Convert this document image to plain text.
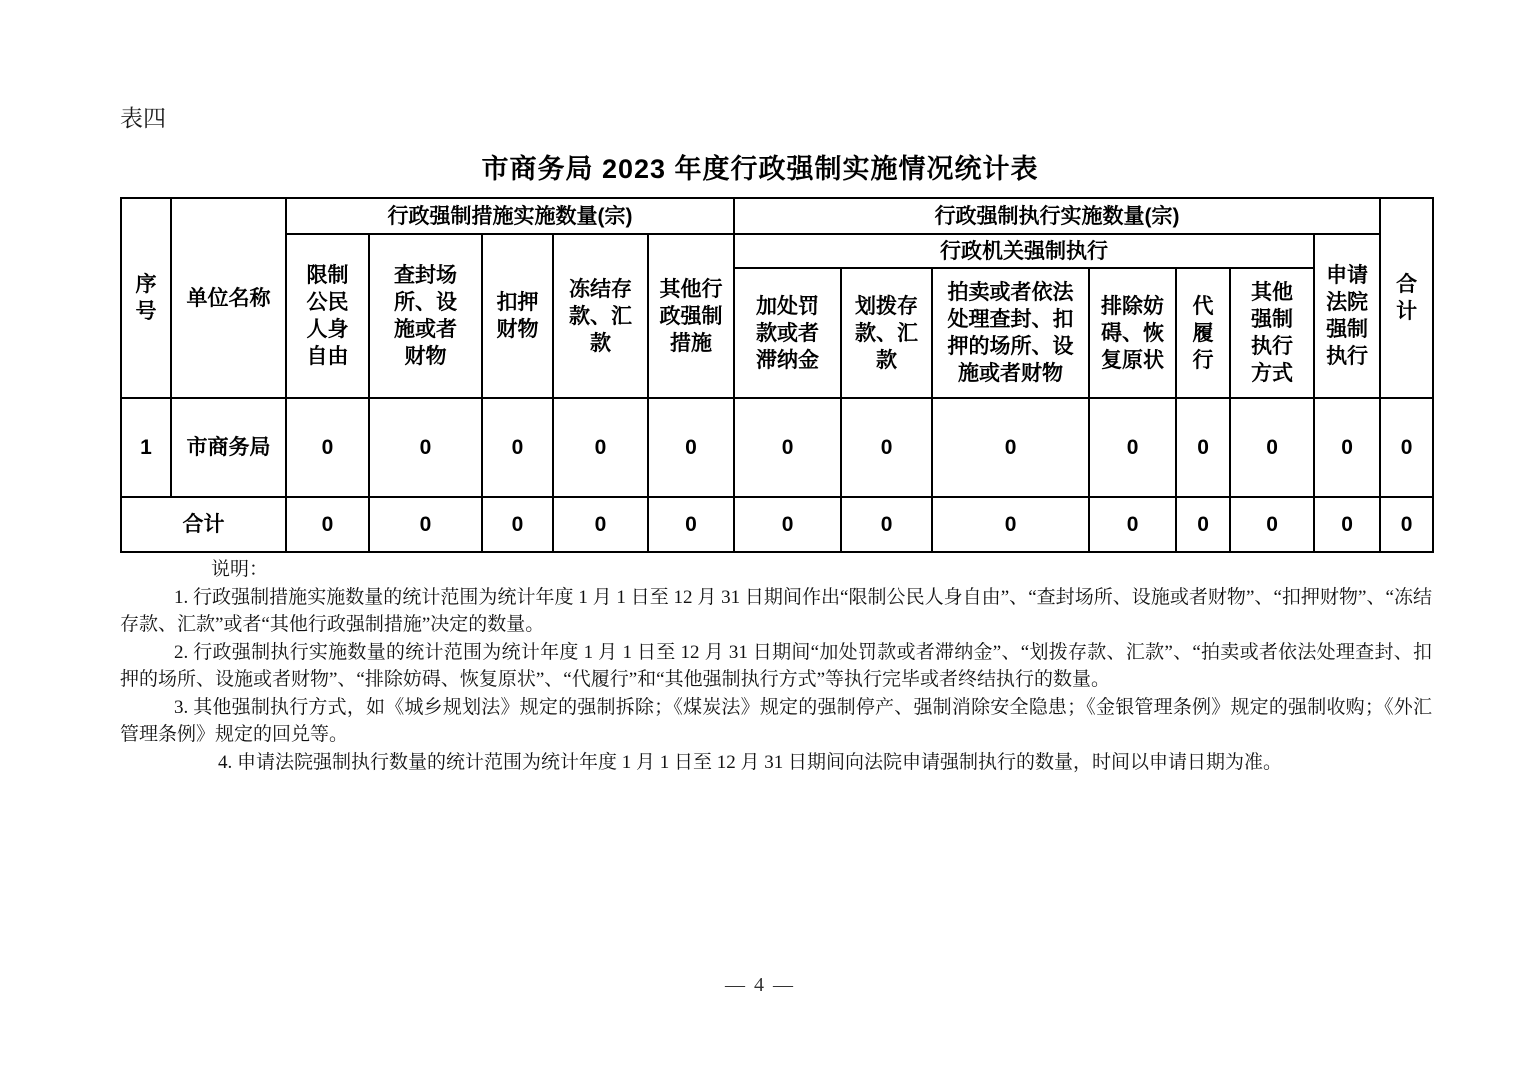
表四
市商务局 2023 年度行政强制实施情况统计表
序号	单位名称	行政强制措施实施数量(宗)					行政强制执行实施数量(宗)							合计
		限制公民人身自由	查封场所、设施或者财物	扣押财物	冻结存款、汇款	其他行政强制措施	行政机关强制执行						申请法院强制执行	
							加处罚款或者滞纳金	划拨存款、汇款	拍卖或者依法处理查封、扣押的场所、设施或者财物	排除妨碍、恢复原状	代履行	其他强制执行方式		
1	市商务局	0	0	0	0	0	0	0	0	0	0	0	0	0
合计		0	0	0	0	0	0	0	0	0	0	0	0	0

说明：

1. 行政强制措施实施数量的统计范围为统计年度 1 月 1 日至 12 月 31 日期间作出“限制公民人身自由”、“查封场所、设施或者财物”、“扣押财物”、“冻结存款、汇款”或者“其他行政强制措施”决定的数量。

2. 行政强制执行实施数量的统计范围为统计年度 1 月 1 日至 12 月 31 日期间“加处罚款或者滞纳金”、“划拨存款、汇款”、“拍卖或者依法处理查封、扣押的场所、设施或者财物”、“排除妨碍、恢复原状”、“代履行”和“其他强制执行方式”等执行完毕或者终结执行的数量。

3. 其他强制执行方式，如《城乡规划法》规定的强制拆除；《煤炭法》规定的强制停产、强制消除安全隐患；《金银管理条例》规定的强制收购；《外汇管理条例》规定的回兑等。

4. 申请法院强制执行数量的统计范围为统计年度 1 月 1 日至 12 月 31 日期间向法院申请强制执行的数量，时间以申请日期为准。

— 4 —
